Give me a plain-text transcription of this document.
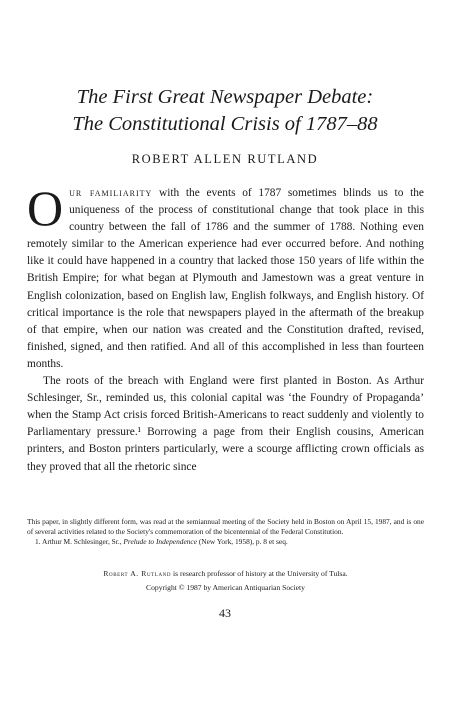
The First Great Newspaper Debate:
The Constitutional Crisis of 1787–88
ROBERT ALLEN RUTLAND

Our familiarity with the events of 1787 sometimes blinds us to the uniqueness of the process of constitutional change that took place in this country between the fall of 1786 and the summer of 1788. Nothing even remotely similar to the American experience had ever occurred before. And nothing like it could have happened in a country that lacked those 150 years of life within the British Empire; for what began at Plymouth and Jamestown was a great venture in English colonization, based on English law, English folkways, and English history. Of critical importance is the role that newspapers played in the aftermath of the breakup of that empire, when our nation was created and the Constitution drafted, revised, finished, signed, and then ratified. And all of this accomplished in less than fourteen months.

The roots of the breach with England were first planted in Boston. As Arthur Schlesinger, Sr., reminded us, this colonial capital was ‘the Foundry of Propaganda’ when the Stamp Act crisis forced British-Americans to react suddenly and violently to Parliamentary pressure.¹ Borrowing a page from their English cousins, American printers, and Boston printers particularly, were a scourge afflicting crown officials as they proved that all the rhetoric since

This paper, in slightly different form, was read at the semiannual meeting of the Society held in Boston on April 15, 1987, and is one of several activities related to the Society's commemoration of the bicentennial of the Federal Constitution.

1. Arthur M. Schlesinger, Sr., Prelude to Independence (New York, 1958), p. 8 et seq.

Robert A. Rutland is research professor of history at the University of Tulsa.
Copyright © 1987 by American Antiquarian Society
43
